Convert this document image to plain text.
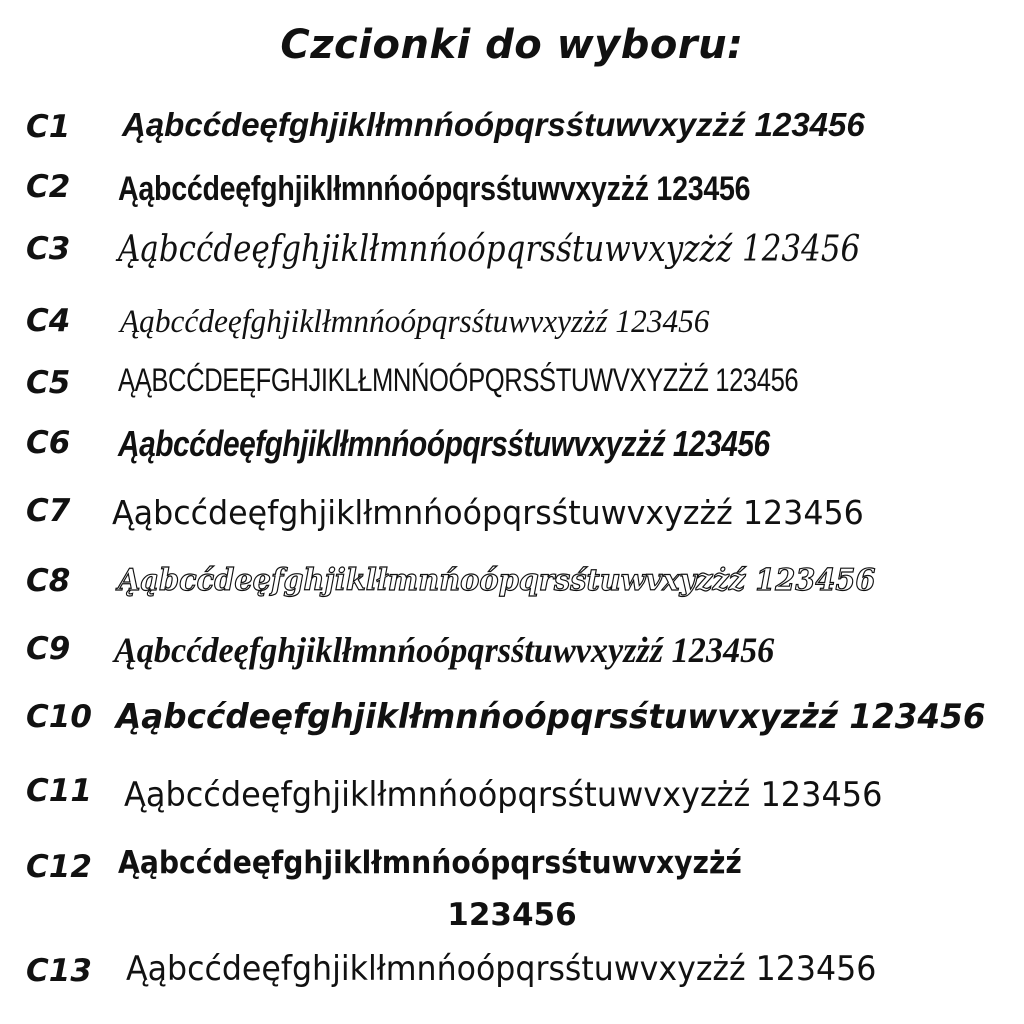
Czcionki do wyboru:
C1	Ąąbcćdeęfghjiklłmnńoópqrsśtuwvxyzżź 123456
C2	Ąąbcćdeęfghjiklłmnńoópqrsśtuwvxyzżź 123456
C3	Ąąbcćdeęfghjiklłmnńoópqrsśtuwvxyzżź 123456
C4	Ąąbcćdeęfghjiklłmnńoópqrsśtuwvxyzżź 123456
C5	ĄĄBCĆDEĘFGHJIKLŁMNŃOÓPQRSŚTUWVXYZŻŹ 123456
C6	Ąąbcćdeęfghjiklłmnńoópqrsśtuwvxyzżź 123456
C7	Ąąbcćdeęfghjiklłmnńoópqrsśtuwvxyzżź 123456
C8	Ąąbcćdeęfghjiklłmnńoópqrsśtuwvxyzżź 123456
C9	Ąąbcćdeęfghjiklłmnńoópqrsśtuwvxyzżź 123456
C10 Ąąbcćdeęfghjiklłmnńoópqrsśtuwvxyzżź 123456
C11 Ąąbcćdeęfghjiklłmnńoópqrsśtuwvxyzżź 123456
C12 Ąąbcćdeęfghjiklłmnńoópqrsśtuwvxyzżź
123456
C13	Ąąbcćdeęfghjiklłmnńoópqrsśtuwvxyzżź 123456
